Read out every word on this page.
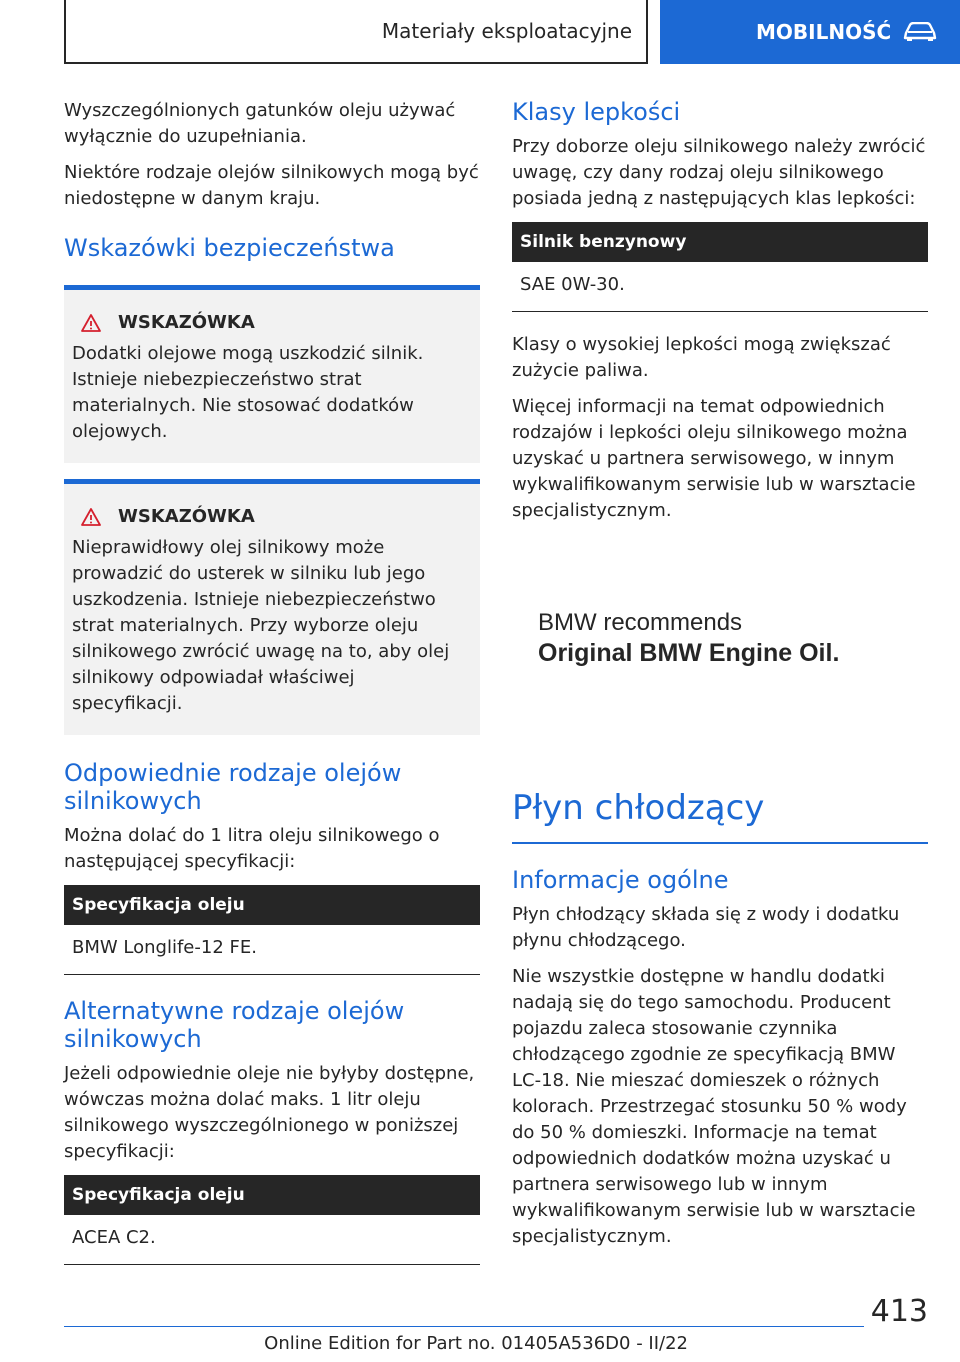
Materiały eksploatacyjne	MOBILNOŚĆ

Wyszczególnionych gatunków oleju używać wyłącznie do uzupełniania.

Niektóre rodzaje olejów silnikowych mogą być niedostępne w danym kraju.

Wskazówki bezpieczeństwa
WSKAZÓWKA

Dodatki olejowe mogą uszkodzić silnik. Istnieje niebezpieczeństwo strat materialnych. Nie stosować dodatków olejowych.

WSKAZÓWKA

Nieprawidłowy olej silnikowy może prowadzić do usterek w silniku lub jego uszkodzenia. Istnieje niebezpieczeństwo strat materialnych. Przy wyborze oleju silnikowego zwrócić uwagę na to, aby olej silnikowy odpowiadał właściwej specyfikacji.

Odpowiednie rodzaje olejów silnikowych

Można dolać do 1 litra oleju silnikowego o następującej specyfikacji:

Specyfikacja oleju
BMW Longlife-12 FE.
Alternatywne rodzaje olejów silnikowych

Jeżeli odpowiednie oleje nie byłyby dostępne, wówczas można dolać maks. 1 litr oleju silnikowego wyszczególnionego w poniższej specyfikacji:

Specyfikacja oleju
ACEA C2.
Klasy lepkości

Przy doborze oleju silnikowego należy zwrócić uwagę, czy dany rodzaj oleju silnikowego posiada jedną z następujących klas lepkości:

Silnik benzynowy
SAE 0W-30.

Klasy o wysokiej lepkości mogą zwiększać zużycie paliwa.

Więcej informacji na temat odpowiednich rodzajów i lepkości oleju silnikowego można uzyskać u partnera serwisowego, w innym wykwalifikowanym serwisie lub w warsztacie specjalistycznym.

BMW recommends
Original BMW Engine Oil.
Płyn chłodzący
Informacje ogólne

Płyn chłodzący składa się z wody i dodatku płynu chłodzącego.

Nie wszystkie dostępne w handlu dodatki nadają się do tego samochodu. Producent pojazdu zaleca stosowanie czynnika chłodzącego zgodnie ze specyfikacją BMW LC-18. Nie mieszać domieszek o różnych kolorach. Przestrzegać stosunku 50 % wody do 50 % domieszki. Informacje na temat odpowiednich dodatków można uzyskać u partnera serwisowego lub w innym wykwalifikowanym serwisie lub w warsztacie specjalistycznym.

413
Online Edition for Part no. 01405A536D0 - II/22
